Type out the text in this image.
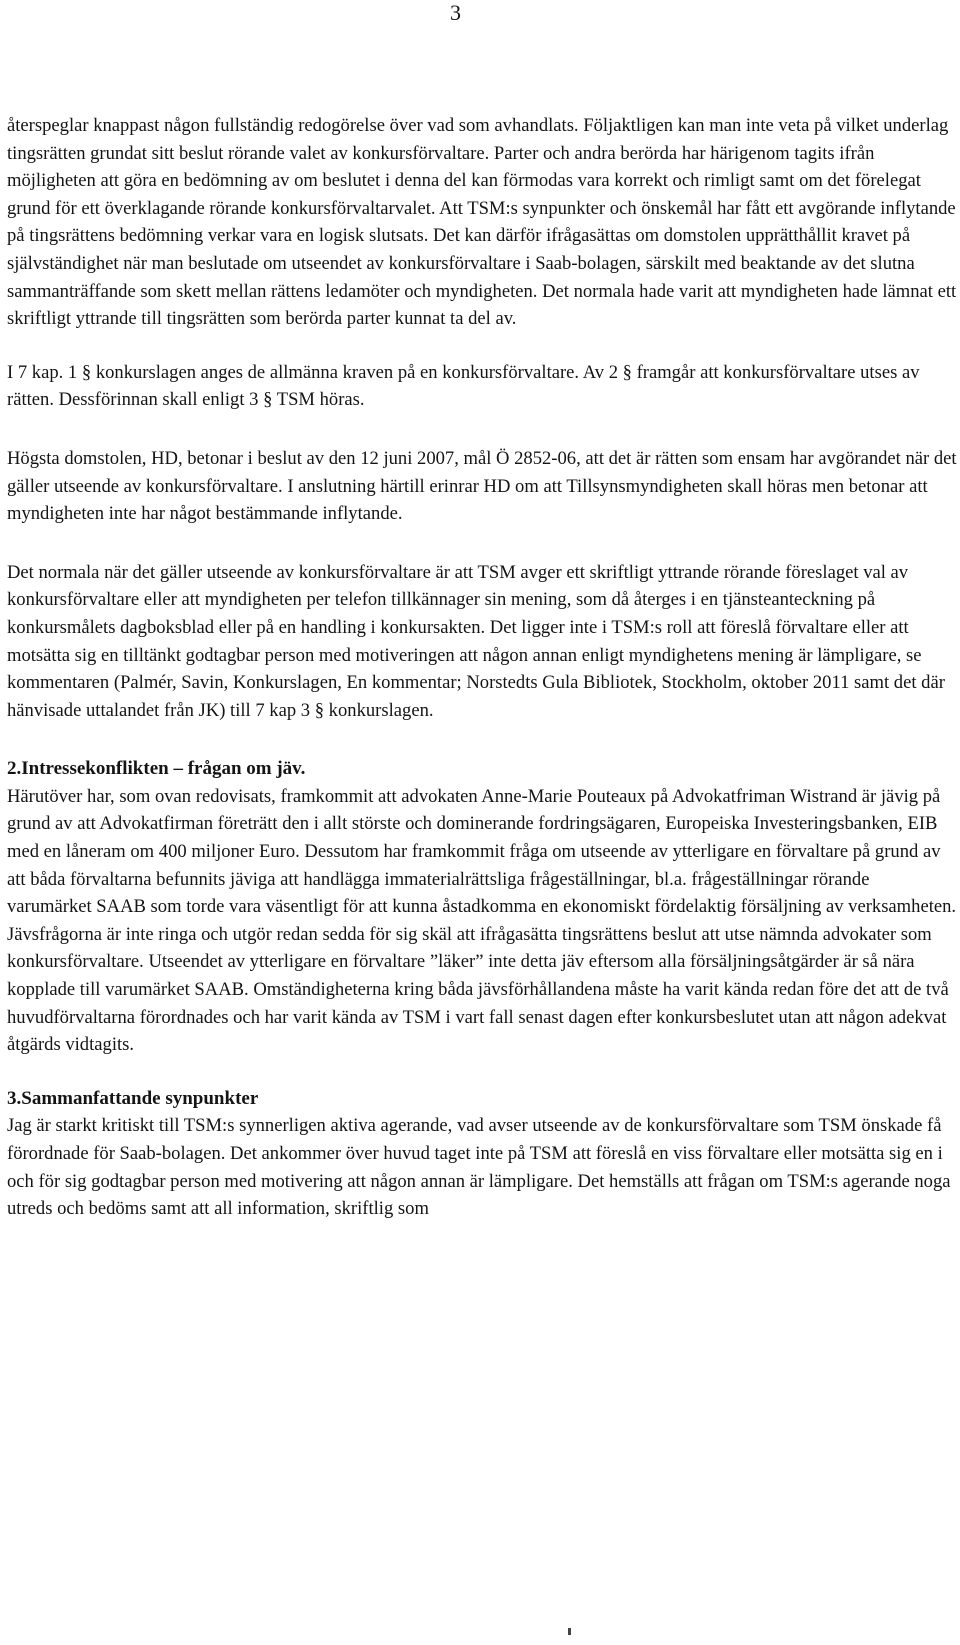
3

återspeglar knappast någon fullständig redogörelse över vad som avhandlats. Följaktligen kan man inte veta på vilket underlag tingsrätten grundat sitt beslut rörande valet av konkursförvaltare. Parter och andra berörda har härigenom tagits ifrån möjligheten att göra en bedömning av om beslutet i denna del kan förmodas vara korrekt och rimligt samt om det förelegat grund för ett överklagande rörande konkursförvaltarvalet. Att TSM:s synpunkter och önskemål har fått ett avgörande inflytande på tingsrättens bedömning verkar vara en logisk slutsats. Det kan därför ifrågasättas om domstolen upprätthållit kravet på självständighet när man beslutade om utseendet av konkursförvaltare i Saab-bolagen, särskilt med beaktande av det slutna sammanträffande som skett mellan rättens ledamöter och myndigheten. Det normala hade varit att myndigheten hade lämnat ett skriftligt yttrande till tingsrätten som berörda parter kunnat ta del av.

I 7 kap. 1 § konkurslagen anges de allmänna kraven på en konkursförvaltare. Av 2 § framgår att konkursförvaltare utses av rätten. Dessförinnan skall enligt 3 § TSM höras.

Högsta domstolen, HD, betonar i beslut av den 12 juni 2007, mål Ö 2852-06, att det är rätten som ensam har avgörandet när det gäller utseende av konkursförvaltare. I anslutning härtill erinrar HD om att Tillsynsmyndigheten skall höras men betonar att myndigheten inte har något bestämmande inflytande.

Det normala när det gäller utseende av konkursförvaltare är att TSM avger ett skriftligt yttrande rörande föreslaget val av konkursförvaltare eller att myndigheten per telefon tillkännager sin mening, som då återges i en tjänsteanteckning på konkursmålets dagboksblad eller på en handling i konkursakten. Det ligger inte i TSM:s roll att föreslå förvaltare eller att motsätta sig en tilltänkt godtagbar person med motiveringen att någon annan enligt myndighetens mening är lämpligare, se kommentaren (Palmér, Savin, Konkurslagen, En kommentar; Norstedts Gula Bibliotek, Stockholm, oktober 2011 samt det där hänvisade uttalandet från JK) till 7 kap 3 § konkurslagen.

2.Intressekonflikten – frågan om jäv.

Härutöver har, som ovan redovisats, framkommit att advokaten Anne-Marie Pouteaux på Advokatfriman Wistrand är jävig på grund av att Advokatfirman företrätt den i allt störste och dominerande fordringsägaren, Europeiska Investeringsbanken, EIB med en låneram om 400 miljoner Euro. Dessutom har framkommit fråga om utseende av ytterligare en förvaltare på grund av att båda förvaltarna befunnits jäviga att handlägga immaterialrättsliga frågeställningar, bl.a. frågeställningar rörande varumärket SAAB som torde vara väsentligt för att kunna åstadkomma en ekonomiskt fördelaktig försäljning av verksamheten. Jävsfrågorna är inte ringa och utgör redan sedda för sig skäl att ifrågasätta tingsrättens beslut att utse nämnda advokater som konkursförvaltare. Utseendet av ytterligare en förvaltare ”läker” inte detta jäv eftersom alla försäljningsåtgärder är så nära kopplade till varumärket SAAB. Omständigheterna kring båda jävsförhållandena måste ha varit kända redan före det att de två huvudförvaltarna förordnades och har varit kända av TSM i vart fall senast dagen efter konkursbeslutet utan att någon adekvat åtgärds vidtagits.

3.Sammanfattande synpunkter

Jag är starkt kritiskt till TSM:s synnerligen aktiva agerande, vad avser utseende av de konkursförvaltare som TSM önskade få förordnade för Saab-bolagen. Det ankommer över huvud taget inte på TSM att föreslå en viss förvaltare eller motsätta sig en i och för sig godtagbar person med motivering att någon annan är lämpligare. Det hemställs att frågan om TSM:s agerande noga utreds och bedöms samt att all information, skriftlig som
